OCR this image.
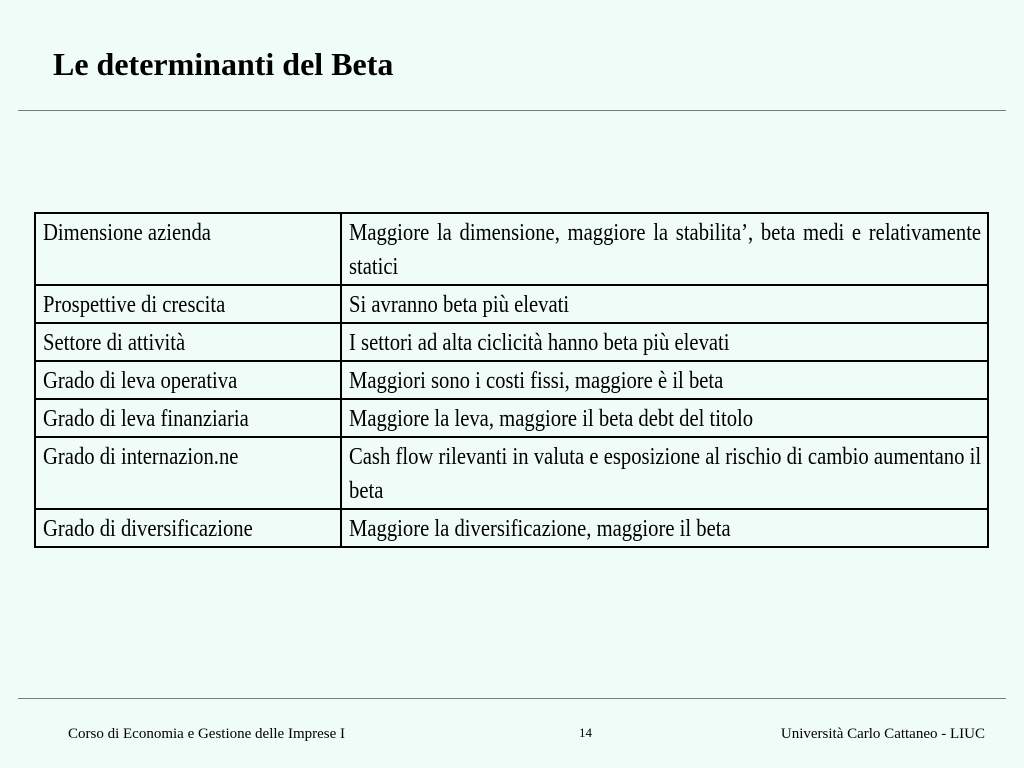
Le determinanti del Beta
Dimensione azienda	Maggiore la dimensione, maggiore la stabilita’, beta medi e relativamente statici
Prospettive di crescita	Si avranno beta più elevati
Settore di attività	I settori ad alta ciclicità hanno beta più elevati
Grado di leva operativa	Maggiori sono i costi fissi, maggiore è il beta
Grado di leva finanziaria	Maggiore la leva, maggiore il beta debt del titolo
Grado di internazion.ne	Cash flow rilevanti in valuta e esposizione al rischio di cambio aumentano il beta
Grado di diversificazione	Maggiore la diversificazione, maggiore il beta
Corso di Economia e Gestione delle Imprese I	14	Università Carlo Cattaneo - LIUC
